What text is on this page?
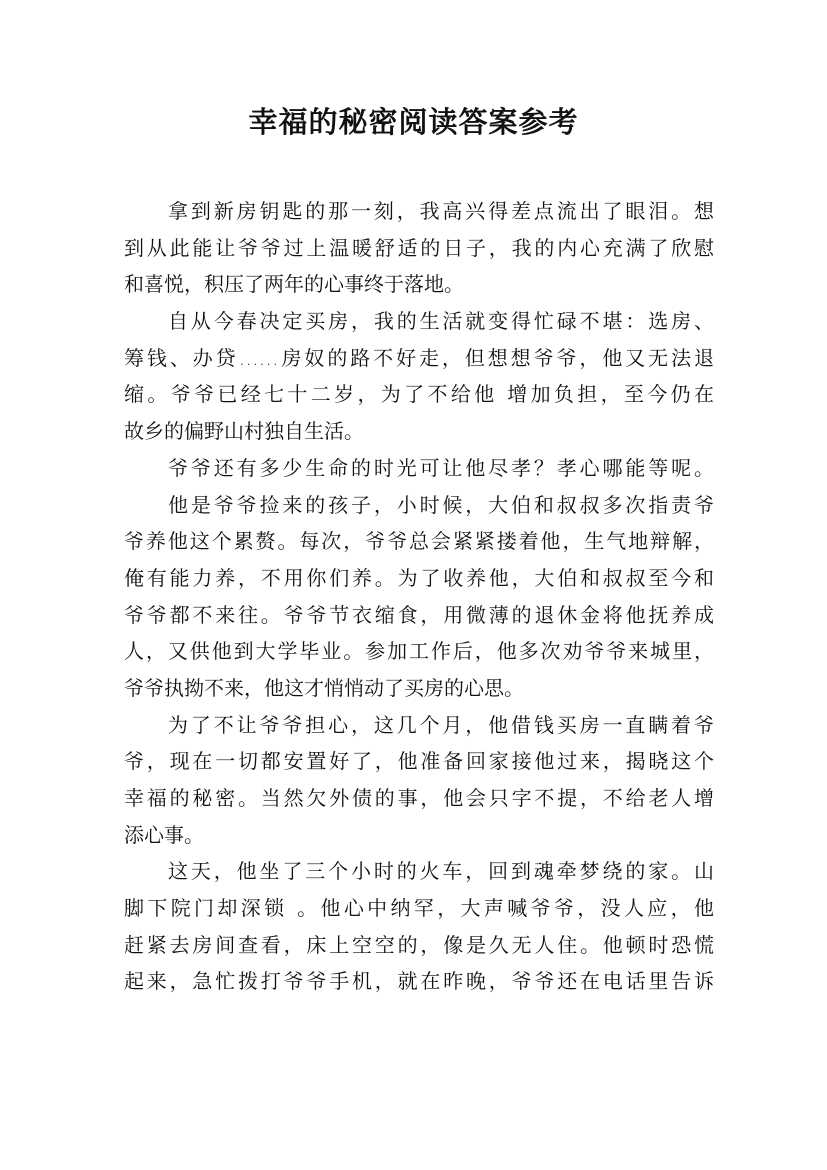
幸福的秘密阅读答案参考
拿到新房钥匙的那一刻，我高兴得差点流出了眼泪。想
到从此能让爷爷过上温暖舒适的日子，我的内心充满了欣慰
和喜悦，积压了两年的心事终于落地。
自从今春决定买房，我的生活就变得忙碌不堪：选房、
筹钱、办贷……房奴的路不好走，但想想爷爷，他又无法退
缩。爷爷已经七十二岁，为了不给他 增加负担，至今仍在
故乡的偏野山村独自生活。
爷爷还有多少生命的时光可让他尽孝？孝心哪能等呢。
他是爷爷捡来的孩子，小时候，大伯和叔叔多次指责爷
爷养他这个累赘。每次，爷爷总会紧紧搂着他，生气地辩解，
俺有能力养，不用你们养。为了收养他，大伯和叔叔至今和
爷爷都不来往。爷爷节衣缩食，用微薄的退休金将他抚养成
人，又供他到大学毕业。参加工作后，他多次劝爷爷来城里，
爷爷执拗不来，他这才悄悄动了买房的心思。
为了不让爷爷担心，这几个月，他借钱买房一直瞒着爷
爷，现在一切都安置好了，他准备回家接他过来，揭晓这个
幸福的秘密。当然欠外债的事，他会只字不提，不给老人增
添心事。
这天，他坐了三个小时的火车，回到魂牵梦绕的家。山
脚下院门却深锁 。他心中纳罕，大声喊爷爷，没人应，他
赶紧去房间查看，床上空空的，像是久无人住。他顿时恐慌
起来，急忙拨打爷爷手机，就在昨晚，爷爷还在电话里告诉
